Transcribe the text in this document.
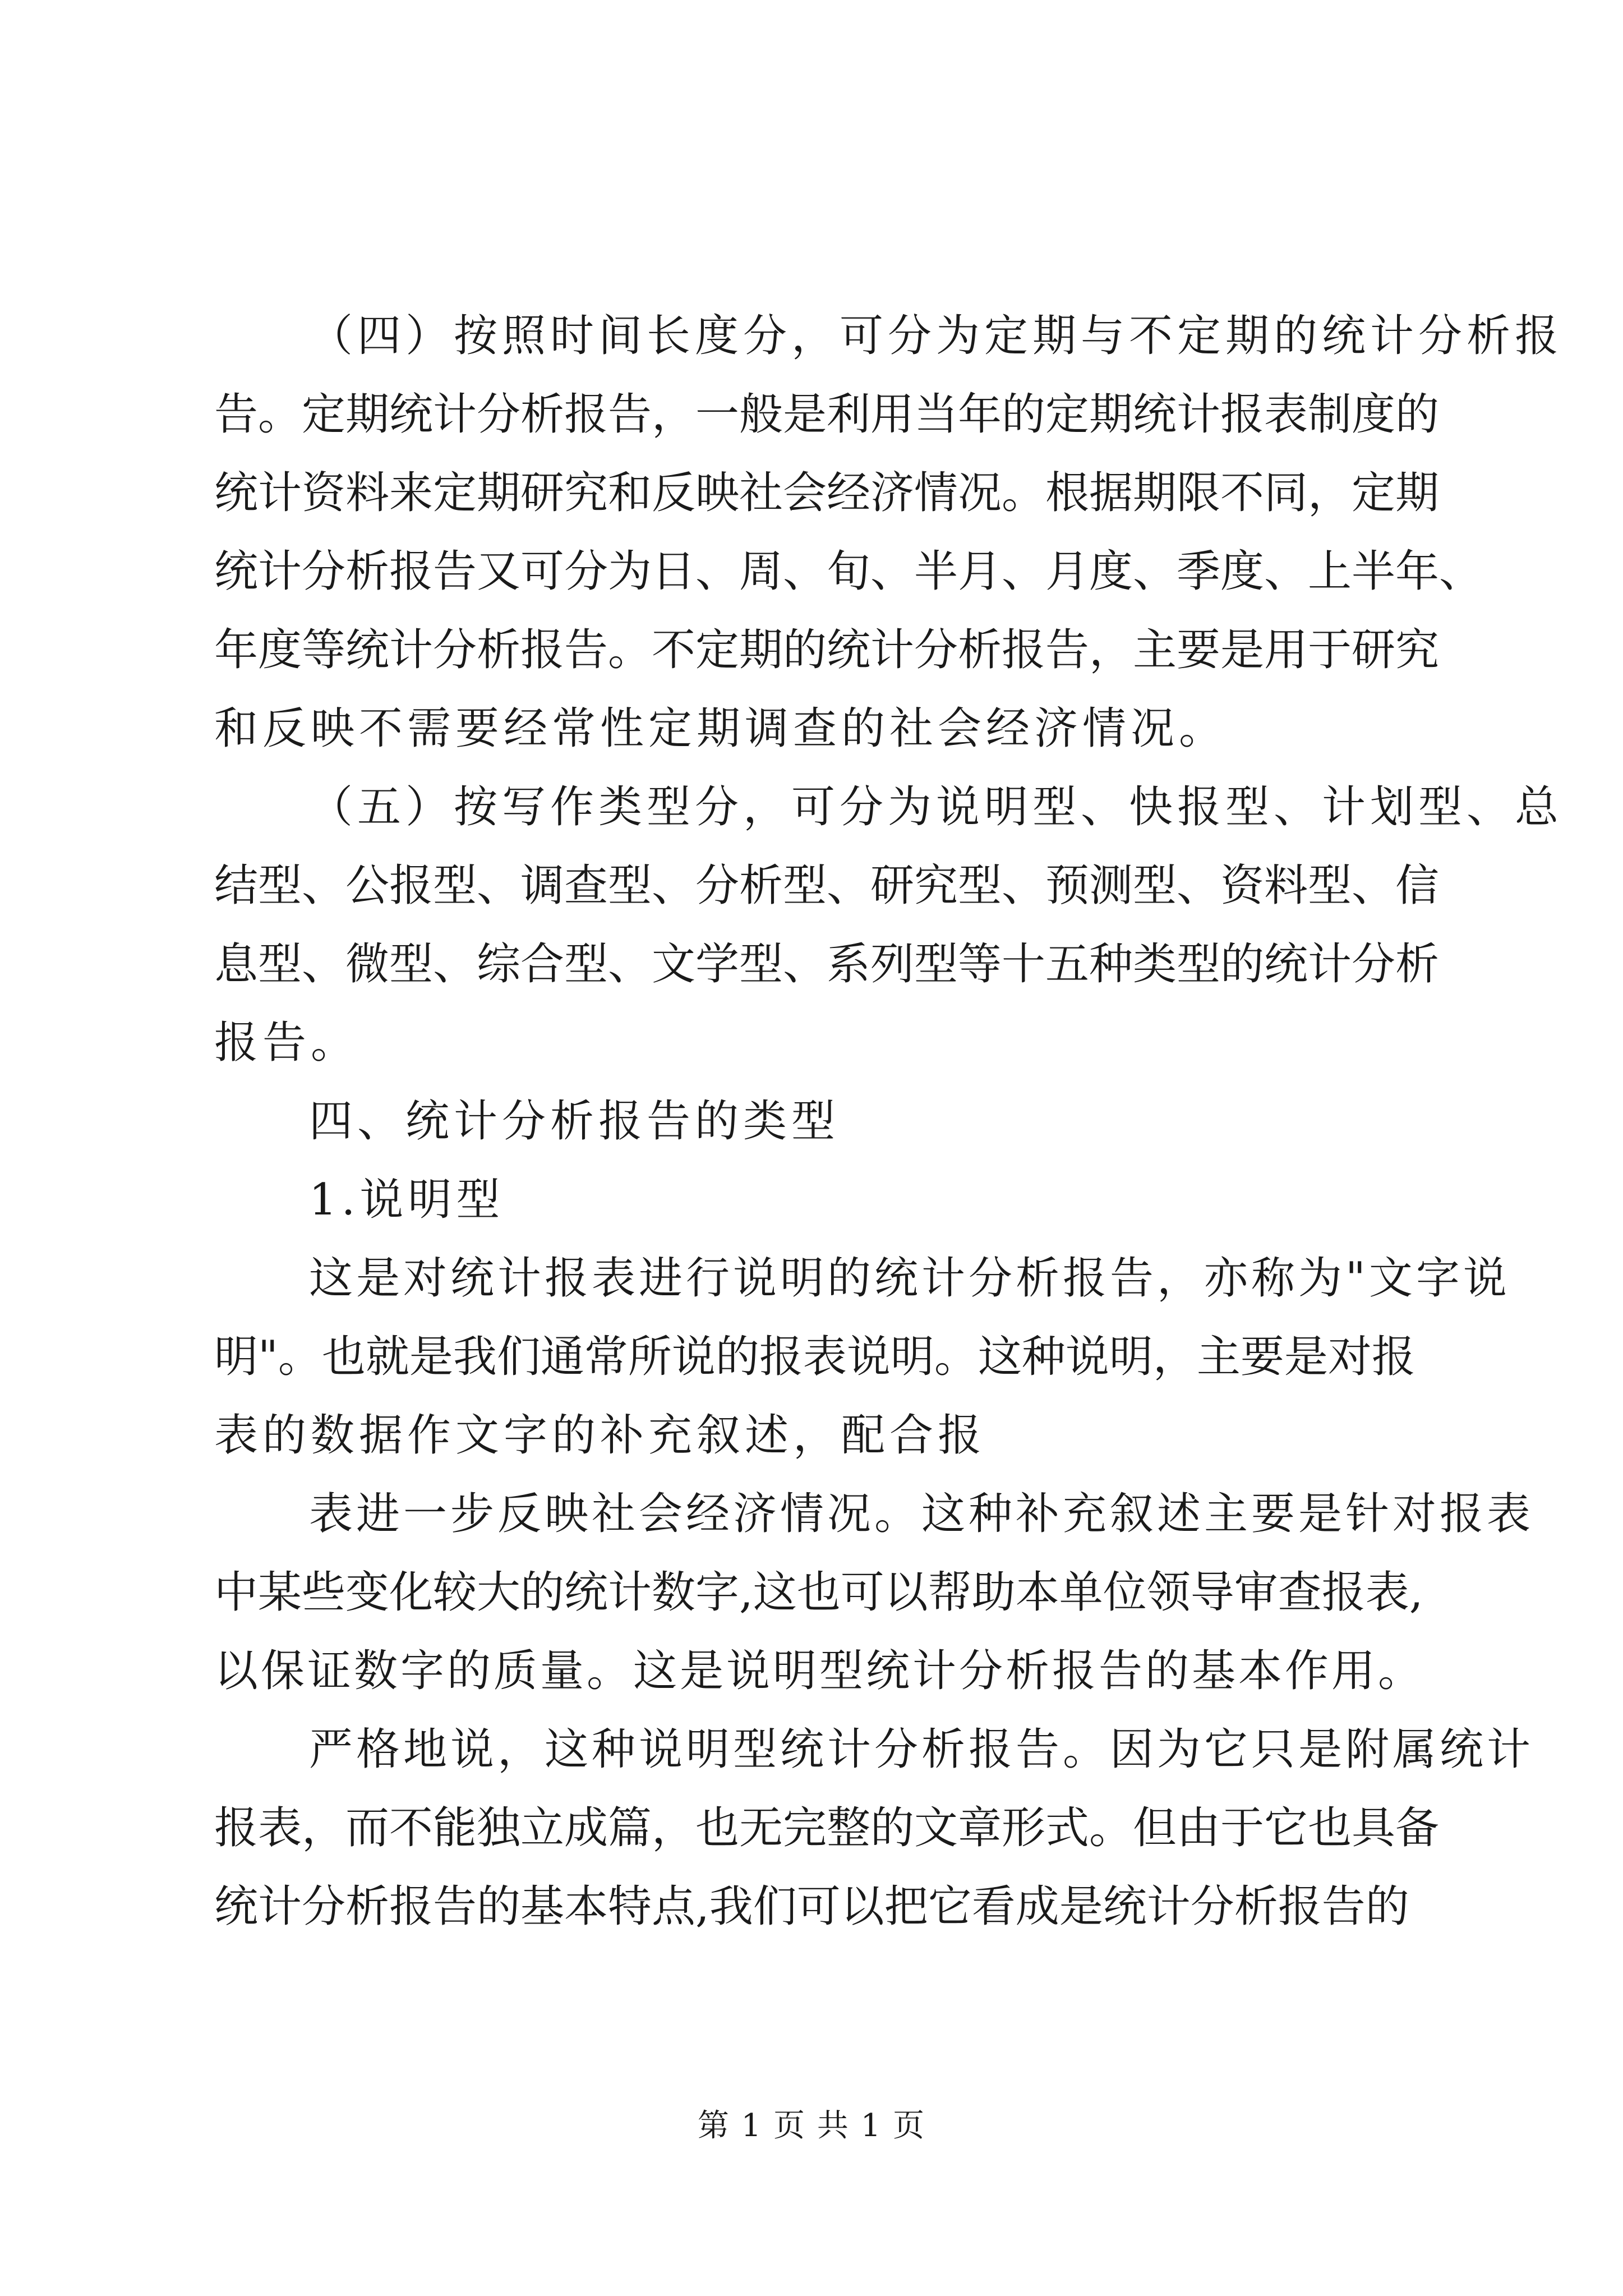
（四）按照时间长度分，可分为定期与不定期的统计分析报
告。定期统计分析报告，一般是利用当年的定期统计报表制度的
统计资料来定期研究和反映社会经济情况。根据期限不同，定期
统计分析报告又可分为日、周、旬、半月、月度、季度、上半年、
年度等统计分析报告。不定期的统计分析报告，主要是用于研究
和反映不需要经常性定期调查的社会经济情况。
（五）按写作类型分，可分为说明型、快报型、计划型、总
结型、公报型、调查型、分析型、研究型、预测型、资料型、信
息型、微型、综合型、文学型、系列型等十五种类型的统计分析
报告。
四、统计分析报告的类型
1.说明型
这是对统计报表进行说明的统计分析报告，亦称为"文字说
明"。也就是我们通常所说的报表说明。这种说明，主要是对报
表的数据作文字的补充叙述，配合报
表进一步反映社会经济情况。这种补充叙述主要是针对报表
中某些变化较大的统计数字,这也可以帮助本单位领导审查报表,
以保证数字的质量。这是说明型统计分析报告的基本作用。
严格地说，这种说明型统计分析报告。因为它只是附属统计
报表，而不能独立成篇，也无完整的文章形式。但由于它也具备
统计分析报告的基本特点,我们可以把它看成是统计分析报告的
第 1 页 共 1 页
